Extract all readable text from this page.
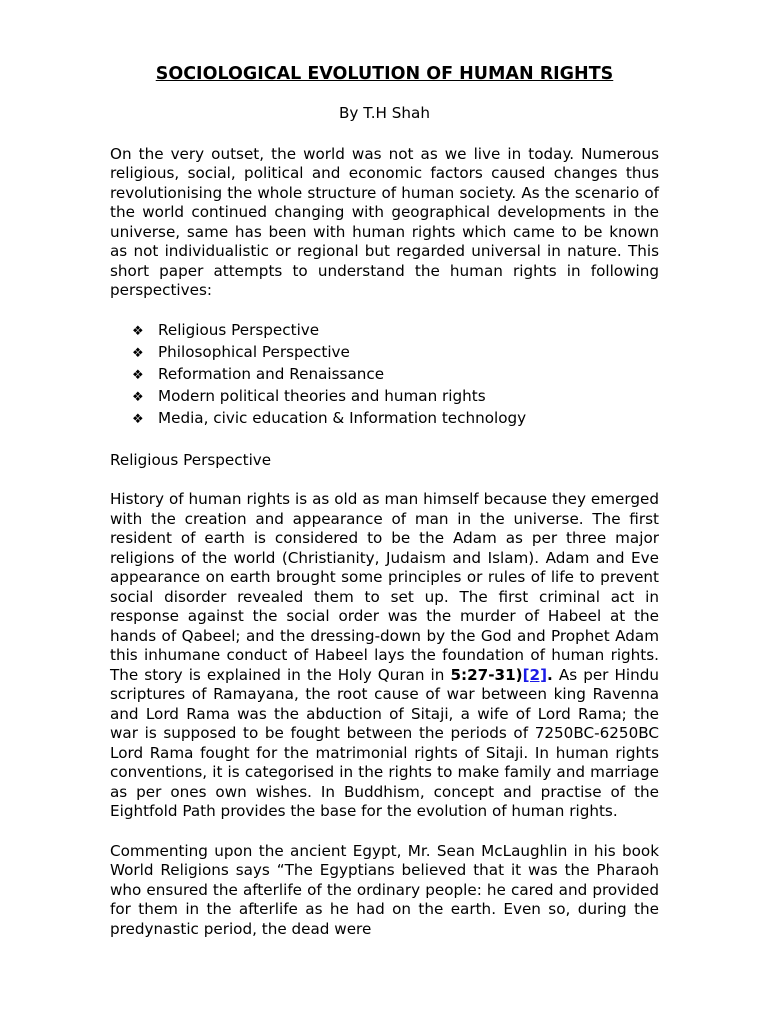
SOCIOLOGICAL EVOLUTION OF HUMAN RIGHTS

By T.H Shah

On the very outset, the world was not as we live in today. Numerous religious, social, political and economic factors caused changes thus revolutionising the whole structure of human society. As the scenario of the world continued changing with geographical developments in the universe, same has been with human rights which came to be known as not individualistic or regional but regarded universal in nature. This short paper attempts to understand the human rights in following perspectives:

❖ Religious Perspective
❖ Philosophical Perspective
❖ Reformation and Renaissance
❖ Modern political theories and human rights
❖ Media, civic education & Information technology

Religious Perspective

History of human rights is as old as man himself because they emerged with the creation and appearance of man in the universe. The first resident of earth is considered to be the Adam as per three major religions of the world (Christianity, Judaism and Islam). Adam and Eve appearance on earth brought some principles or rules of life to prevent social disorder revealed them to set up. The first criminal act in response against the social order was the murder of Habeel at the hands of Qabeel; and the dressing-down by the God and Prophet Adam this inhumane conduct of Habeel lays the foundation of human rights. The story is explained in the Holy Quran in 5:27-31)[2]. As per Hindu scriptures of Ramayana, the root cause of war between king Ravenna and Lord Rama was the abduction of Sitaji, a wife of Lord Rama; the war is supposed to be fought between the periods of 7250BC-6250BC Lord Rama fought for the matrimonial rights of Sitaji. In human rights conventions, it is categorised in the rights to make family and marriage as per ones own wishes. In Buddhism, concept and practise of the Eightfold Path provides the base for the evolution of human rights.

Commenting upon the ancient Egypt, Mr. Sean McLaughlin in his book World Religions says “The Egyptians believed that it was the Pharaoh who ensured the afterlife of the ordinary people: he cared and provided for them in the afterlife as he had on the earth. Even so, during the predynastic period, the dead were
